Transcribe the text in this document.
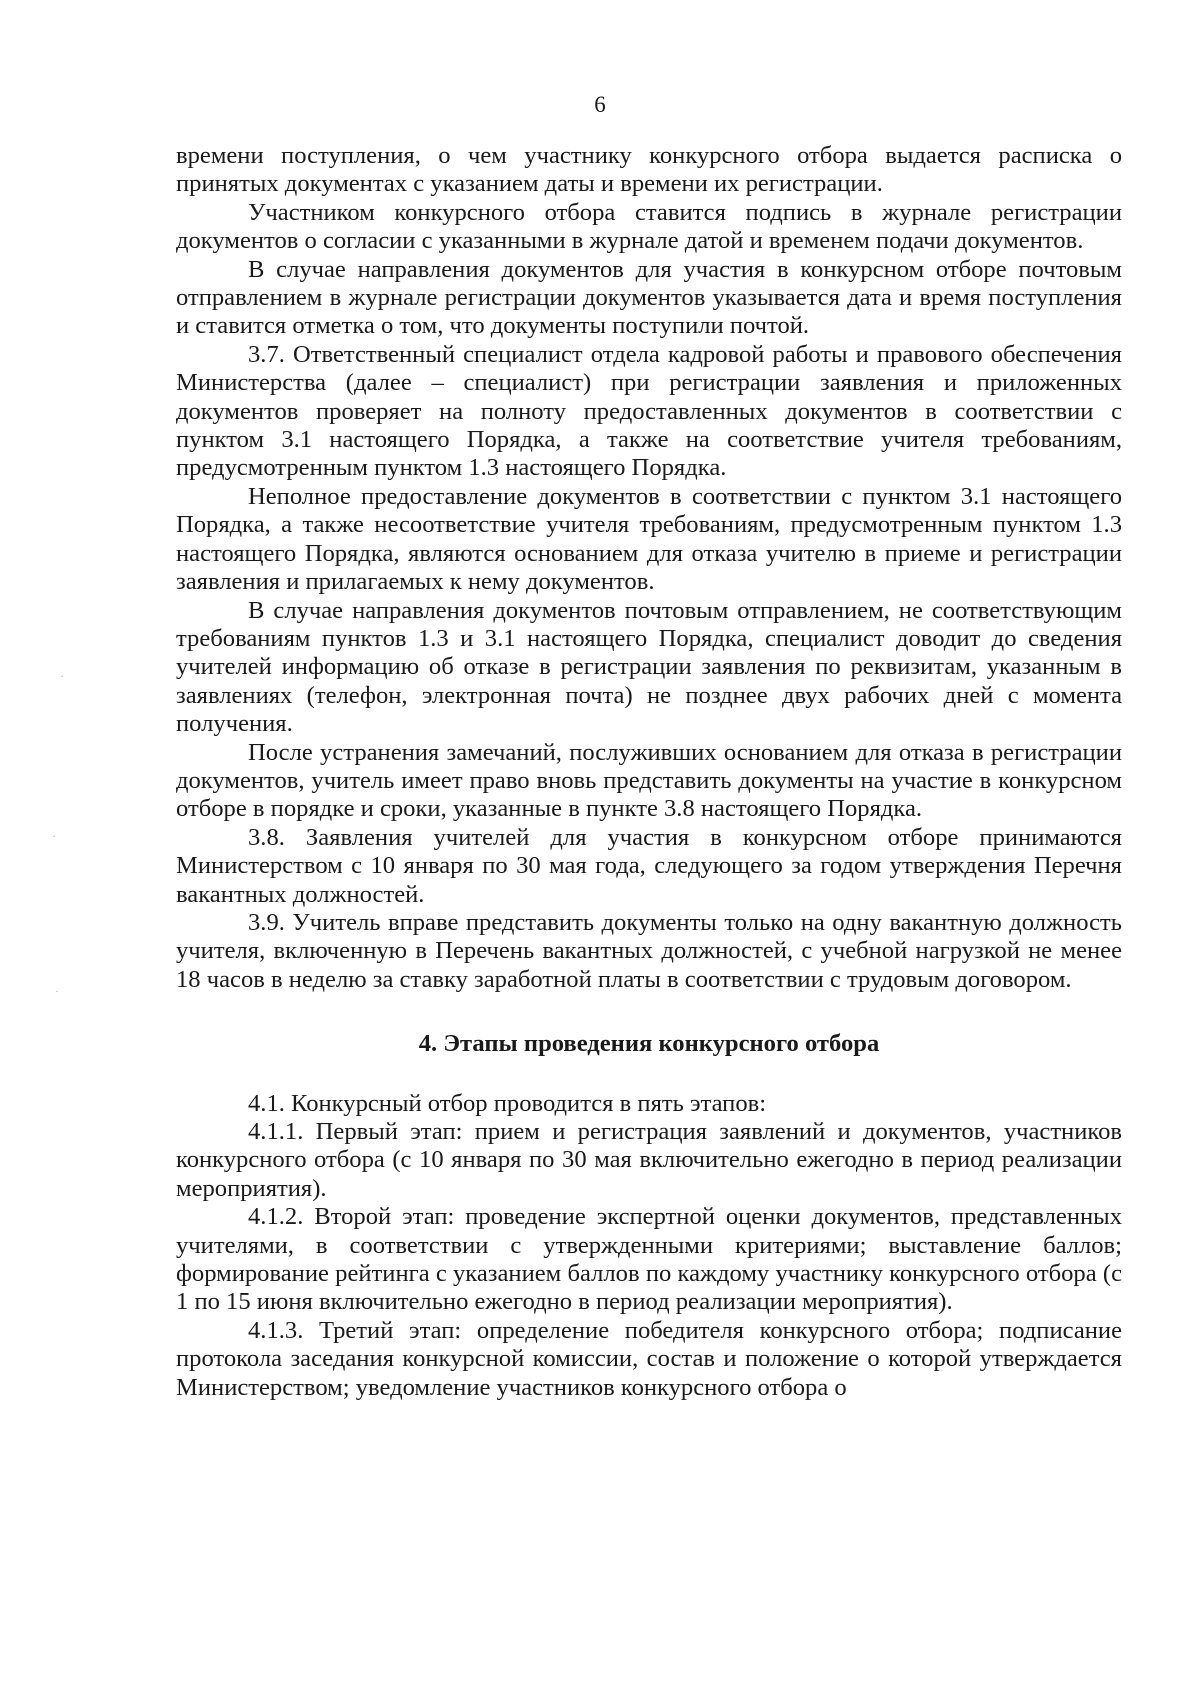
6

времени поступления, о чем участнику конкурсного отбора выдается расписка о принятых документах с указанием даты и времени их регистрации.

Участником конкурсного отбора ставится подпись в журнале регистрации документов о согласии с указанными в журнале датой и временем подачи документов.

В случае направления документов для участия в конкурсном отборе почтовым отправлением в журнале регистрации документов указывается дата и время поступления и ставится отметка о том, что документы поступили почтой.

3.7. Ответственный специалист отдела кадровой работы и правового обеспечения Министерства (далее – специалист) при регистрации заявления и приложенных документов проверяет на полноту предоставленных документов в соответствии с пунктом 3.1 настоящего Порядка, а также на соответствие учителя требованиям, предусмотренным пунктом 1.3 настоящего Порядка.

Неполное предоставление документов в соответствии с пунктом 3.1 настоящего Порядка, а также несоответствие учителя требованиям, предусмотренным пунктом 1.3 настоящего Порядка, являются основанием для отказа учителю в приеме и регистрации заявления и прилагаемых к нему документов.

В случае направления документов почтовым отправлением, не соответствующим требованиям пунктов 1.3 и 3.1 настоящего Порядка, специалист доводит до сведения учителей информацию об отказе в регистрации заявления по реквизитам, указанным в заявлениях (телефон, электронная почта) не позднее двух рабочих дней с момента получения.

После устранения замечаний, послуживших основанием для отказа в регистрации документов, учитель имеет право вновь представить документы на участие в конкурсном отборе в порядке и сроки, указанные в пункте 3.8 настоящего Порядка.

3.8. Заявления учителей для участия в конкурсном отборе принимаются Министерством с 10 января по 30 мая года, следующего за годом утверждения Перечня вакантных должностей.

3.9. Учитель вправе представить документы только на одну вакантную должность учителя, включенную в Перечень вакантных должностей, с учебной нагрузкой не менее 18 часов в неделю за ставку заработной платы в соответствии с трудовым договором.

4. Этапы проведения конкурсного отбора

4.1. Конкурсный отбор проводится в пять этапов:

4.1.1. Первый этап: прием и регистрация заявлений и документов, участников конкурсного отбора (с 10 января по 30 мая включительно ежегодно в период реализации мероприятия).

4.1.2. Второй этап: проведение экспертной оценки документов, представленных учителями, в соответствии с утвержденными критериями; выставление баллов; формирование рейтинга с указанием баллов по каждому участнику конкурсного отбора (с 1 по 15 июня включительно ежегодно в период реализации мероприятия).

4.1.3. Третий этап: определение победителя конкурсного отбора; подписание протокола заседания конкурсной комиссии, состав и положение о которой утверждается Министерством; уведомление участников конкурсного отбора о

·
·
·
